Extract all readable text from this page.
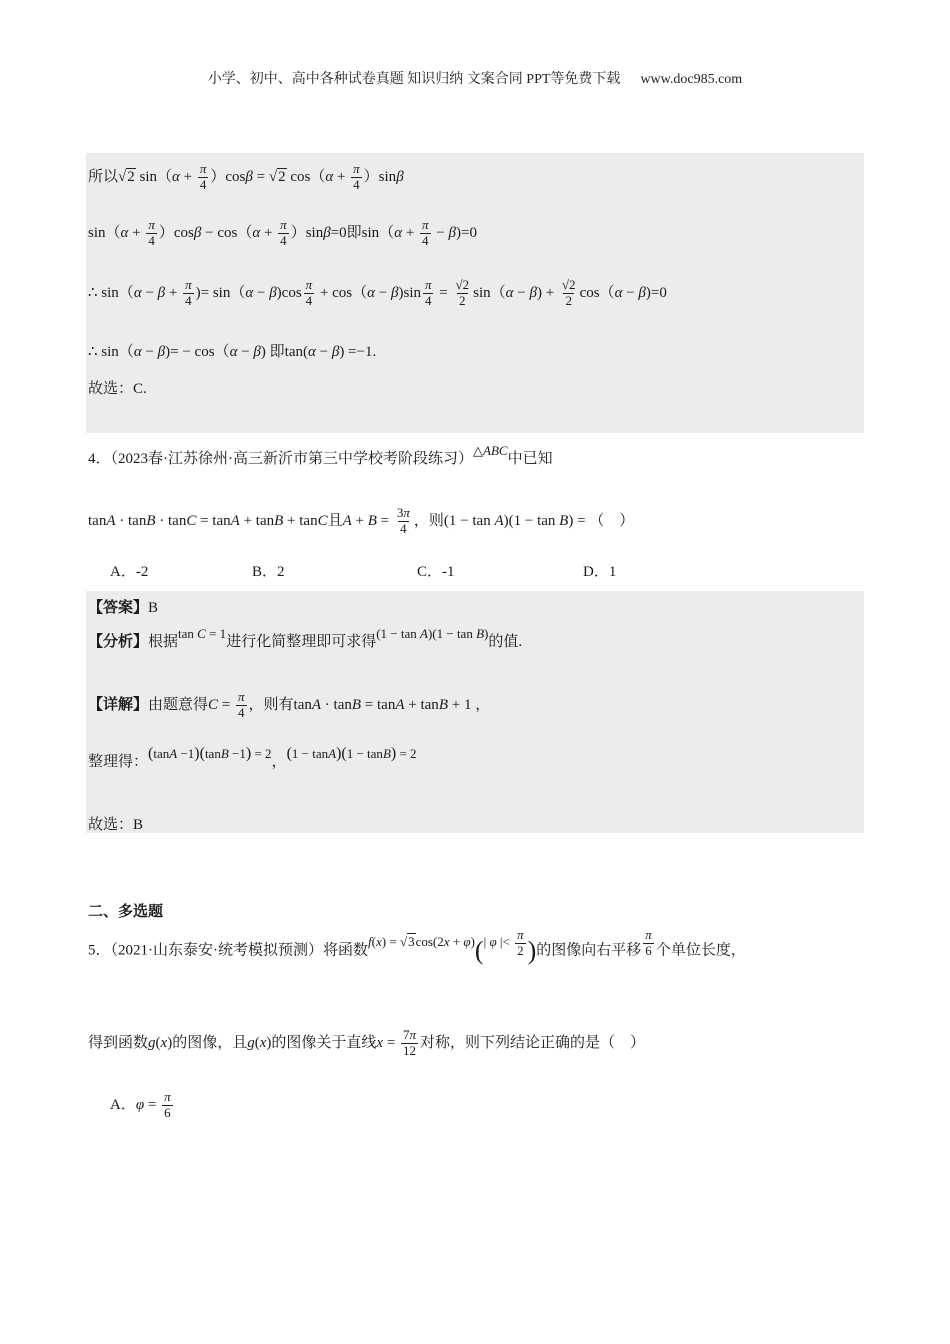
小学、初中、高中各种试卷真题 知识归纳 文案合同 PPT等免费下载 www.doc985.com
所以√2 $\sin(\alpha + \frac{\pi}{4} )\cos\beta = √2$ $\cos(\alpha + \frac{\pi}{4} )\sin\beta$
$\sin(\alpha + \frac{\pi}{4} )\cos\beta - \cos(\alpha + \frac{\pi}{4} )\sin\beta=0$即$\sin(\alpha + \frac{\pi}{4} - \beta)=0$
∴ $\sin(\alpha - \beta + \frac{\pi}{4}$ )= $\sin(\alpha - \beta)\cos \frac{\pi}{4} + \cos(\alpha - \beta)\sin \frac{\pi}{4} = \frac{√2}{2} \sin(\alpha - \beta) + \frac{√2}{2} \cos(\alpha - \beta)=0$
∴ sin（α − β)= − cos（α − β) 即tan(α − β) =−1.
故选：C.
4．（2023春·江苏徐州·高三新沂市第三中学校考阶段练习）△ABC中已知
tanA · tanB · tanC = tanA + tanB + tanC且$A + B = \frac{3\pi}{4}$ ，则(1 − tan A)(1 − tan B) = （　）
A．-2	B．2	C．-1	D．1
【答案】B
【分析】根据tan C = 1进行化简整理即可求得(1 − tan A)(1 − tan B)的值.
【详解】由题意得$C = \frac{\pi}{4}$ ，则有tanA · tanB = tanA + tanB + 1 ，
整理得：(tanA −1)(tanB −1) = 2，(1 − tanA)(1 − tanB) = 2
故选：B
二、多选题
5．（2021·山东泰安·统考模拟预测）将函数f(x) = √3cos(2x + φ)(| φ |< $\frac{\pi}{2}$ )的图像向右平移 $\frac{\pi}{6}$ 个单位长度，
得到函数g(x)的图像，且g(x)的图像关于直线$x = \frac{7\pi}{12}$ 对称，则下列结论正确的是（　）
A．$\varphi = \frac{\pi}{6}$
